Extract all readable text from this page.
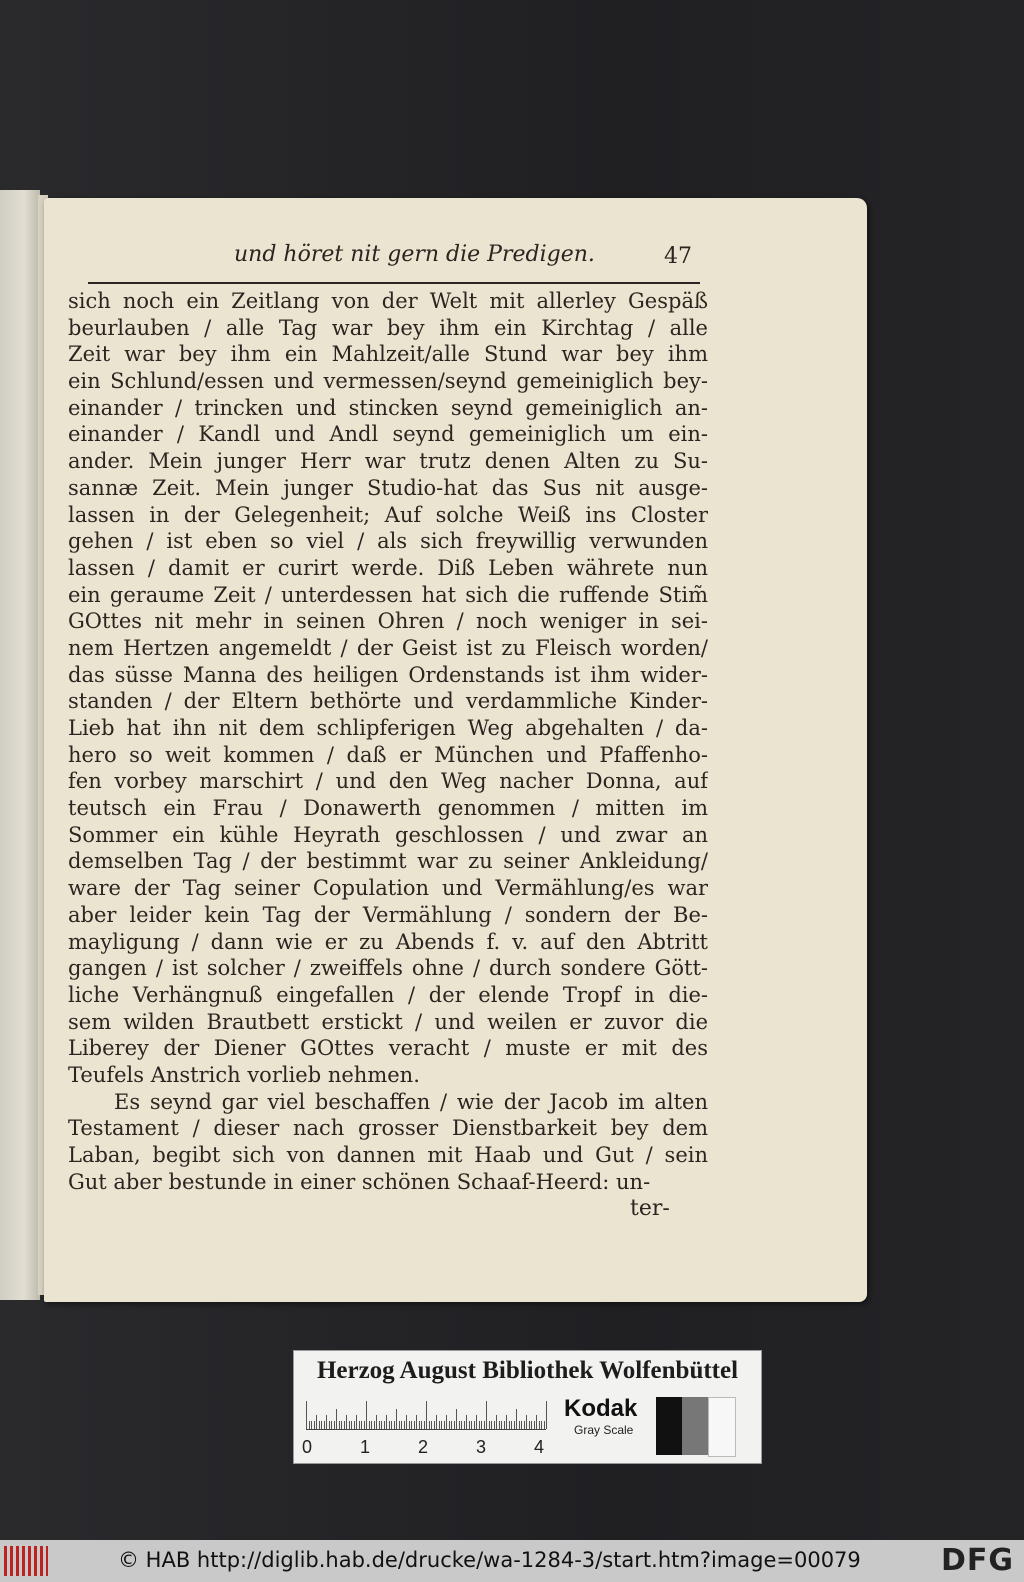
und höret nit gern die Predigen.	47
sich noch ein Zeitlang von der Welt mit allerley Gespäß
beurlauben / alle Tag war bey ihm ein Kirchtag / alle
Zeit war bey ihm ein Mahlzeit/alle Stund war bey ihm
ein Schlund/essen und vermessen/seynd gemeiniglich bey-
einander / trincken und stincken seynd gemeiniglich an-
einander / Kandl und Andl seynd gemeiniglich um ein-
ander. Mein junger Herr war trutz denen Alten zu Su-
sannæ Zeit. Mein junger Studio-hat das Sus nit ausge-
lassen in der Gelegenheit; Auf solche Weiß ins Closter
gehen / ist eben so viel / als sich freywillig verwunden
lassen / damit er curirt werde. Diß Leben währete nun
ein geraume Zeit / unterdessen hat sich die ruffende Stim̃
GOttes nit mehr in seinen Ohren / noch weniger in sei-
nem Hertzen angemeldt / der Geist ist zu Fleisch worden/
das süsse Manna des heiligen Ordenstands ist ihm wider-
standen / der Eltern bethörte und verdammliche Kinder-
Lieb hat ihn nit dem schlipferigen Weg abgehalten / da-
hero so weit kommen / daß er München und Pfaffenho-
fen vorbey marschirt / und den Weg nacher Donna, auf
teutsch ein Frau / Donawerth genommen / mitten im
Sommer ein kühle Heyrath geschlossen / und zwar an
demselben Tag / der bestimmt war zu seiner Ankleidung/
ware der Tag seiner Copulation und Vermählung/es war
aber leider kein Tag der Vermählung / sondern der Be-
mayligung / dann wie er zu Abends f. v. auf den Abtritt
gangen / ist solcher / zweiffels ohne / durch sondere Gött-
liche Verhängnuß eingefallen / der elende Tropf in die-
sem wilden Brautbett erstickt / und weilen er zuvor die
Liberey der Diener GOttes veracht / muste er mit des
Teufels Anstrich vorlieb nehmen.
Es seynd gar viel beschaffen / wie der Jacob im alten
Testament / dieser nach grosser Dienstbarkeit bey dem
Laban, begibt sich von dannen mit Haab und Gut / sein
Gut aber bestunde in einer schönen Schaaf-Heerd: un-
ter-
Herzog August Bibliothek Wolfenbüttel
0	1	2	3	4
Kodak
Gray Scale
© HAB http://diglib.hab.de/drucke/wa-1284-3/start.htm?image=00079	DFG
